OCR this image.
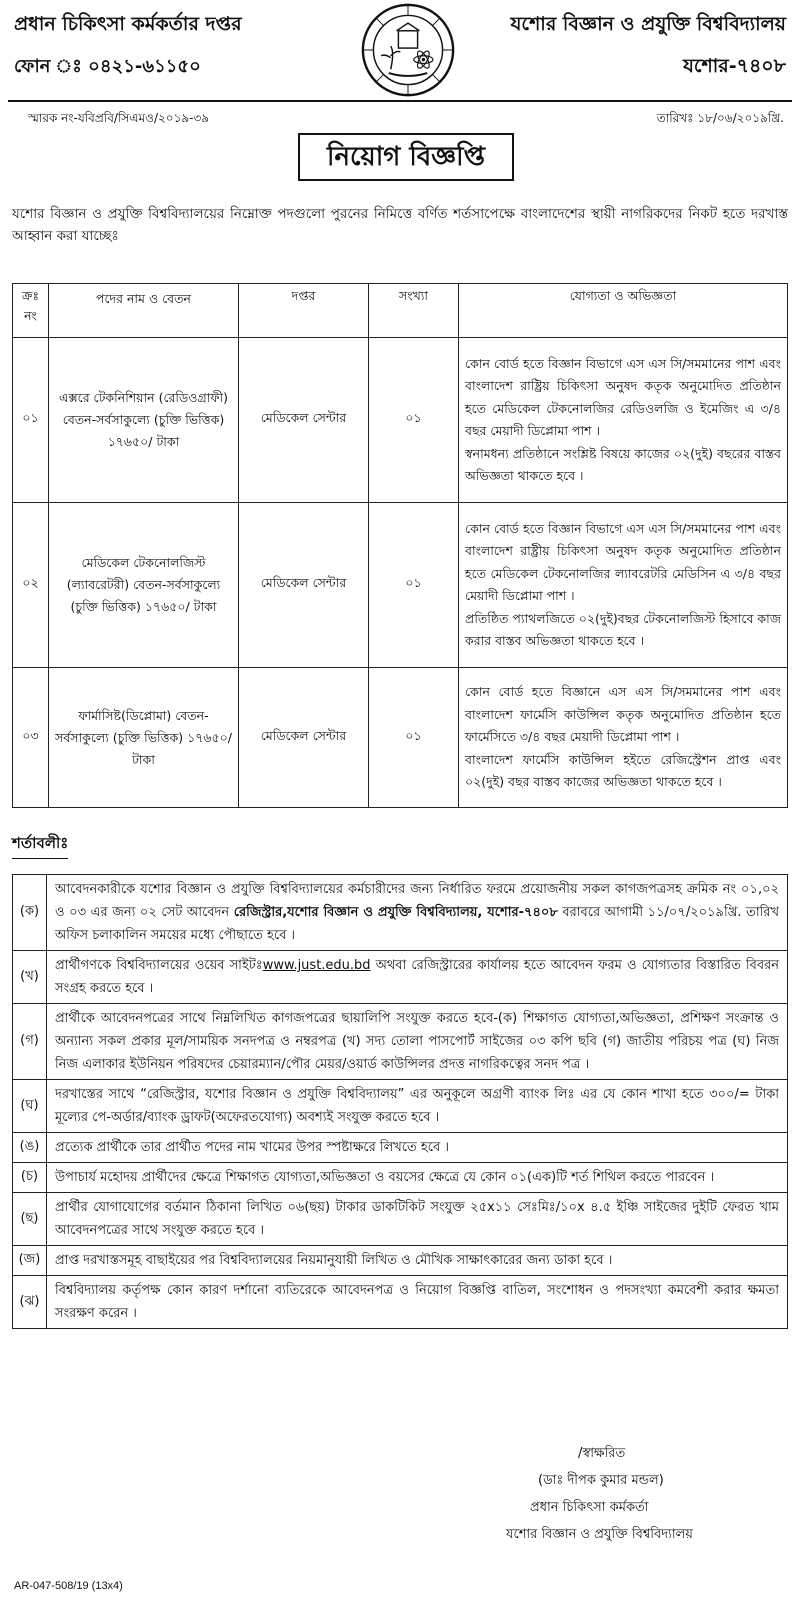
প্রধান চিকিৎসা কর্মকর্তার দপ্তর
ফোন ঃ ০৪২১-৬১১৫০
যশোর বিজ্ঞান ও প্রযুক্তি বিশ্ববিদ্যালয়
যশোর-৭৪০৮
স্মারক নং-যবিপ্রবি/সিএমও/২০১৯-৩৯	তারিখঃ ১৮/০৬/২০১৯খ্রি.
নিয়োগ বিজ্ঞপ্তি
যশোর বিজ্ঞান ও প্রযুক্তি বিশ্ববিদ্যালয়ের নিম্নোক্ত পদগুলো পুরনের নিমিত্তে বর্ণিত শর্তসাপেক্ষে বাংলাদেশের স্থায়ী নাগরিকদের নিকট হতে দরখাস্ত আহ্বান করা যাচ্ছেঃ
ক্রঃ নং	পদের নাম ও বেতন	দপ্তর	সংখ্যা	যোগ্যতা ও অভিজ্ঞতা
০১	এক্সরে টেকনিশিয়ান (রেডিওগ্রাফী) বেতন-সর্বসাকুল্যে (চুক্তি ভিত্তিক) ১৭৬৫০/ টাকা	মেডিকেল সেন্টার	০১	কোন বোর্ড হতে বিজ্ঞান বিভাগে এস এস সি/সমমানের পাশ এবং বাংলাদেশ রাষ্ট্রিয় চিকিৎসা অনুষদ কতৃক অনুমোদিত প্রতিষ্ঠান হতে মেডিকেল টেকনোলজির রেডিওলজি ও ইমেজিং এ ৩/৪ বছর মেয়াদী ডিপ্লোমা পাশ ।
স্বনামধন্য প্রতিষ্ঠানে সংশ্লিষ্ট বিষয়ে কাজের ০২(দুই) বছরের বাস্তব অভিজ্ঞতা থাকতে হবে ।

০২	মেডিকেল টেকনোলজিস্ট (ল্যাবরেটরী) বেতন-সর্বসাকুল্যে (চুক্তি ভিত্তিক) ১৭৬৫০/ টাকা	মেডিকেল সেন্টার	০১	কোন বোর্ড হতে বিজ্ঞান বিভাগে এস এস সি/সমমানের পাশ এবং বাংলাদেশ রাষ্ট্রীয় চিকিৎসা অনুষদ কতৃক অনুমোদিত প্রতিষ্ঠান হতে মেডিকেল টেকনোলজির ল্যাবরেটরি মেডিসিন এ ৩/৪ বছর মেয়াদী ডিপ্লোমা পাশ ।
প্রতিষ্ঠিত প্যাথলজিতে ০২(দুই)বছর টেকনোলজিস্ট হিসাবে কাজ করার বাস্তব অভিজ্ঞতা থাকতে হবে ।

০৩	ফার্মাসিষ্ট(ডিপ্লোমা) বেতন-সর্বসাকুল্যে (চুক্তি ভিত্তিক) ১৭৬৫০/ টাকা	মেডিকেল সেন্টার	০১	কোন বোর্ড হতে বিজ্ঞানে এস এস সি/সমমানের পাশ এবং বাংলাদেশ ফার্মেসি কাউন্সিল কতৃক অনুমোদিত প্রতিষ্ঠান হতে ফার্মেসিতে ৩/৪ বছর মেয়াদী ডিপ্লোমা পাশ ।
বাংলাদেশ ফার্মেসি কাউন্সিল হইতে রেজিস্ট্রেশন প্রাপ্ত এবং ০২(দুই) বছর বাস্তব কাজের অভিজ্ঞতা থাকতে হবে ।
শর্তাবলীঃ
(ক)	আবেদনকারীকে যশোর বিজ্ঞান ও প্রযুক্তি বিশ্ববিদ্যালয়ের কর্মচারীদের জন্য নির্ধারিত ফরমে প্রয়োজনীয় সকল কাগজপত্রসহ ক্রমিক নং ০১,০২ ও ০৩ এর জন্য ০২ সেট আবেদন রেজিস্ট্রার,যশোর বিজ্ঞান ও প্রযুক্তি বিশ্ববিদ্যালয়, যশোর-৭৪০৮ বরাবরে আগামী ১১/০৭/২০১৯খ্রি. তারিখ অফিস চলাকালিন সময়ের মধ্যে পৌছাতে হবে ।
(খ)	প্রার্থীগণকে বিশ্ববিদ্যালয়ের ওয়েব সাইটঃwww.just.edu.bd অথবা রেজিস্ট্রারের কার্যালয় হতে আবেদন ফরম ও যোগ্যতার বিস্তারিত বিবরন সংগ্রহ করতে হবে ।
(গ)	প্রার্থীকে আবেদনপত্রের সাথে নিম্নলিখিত কাগজপত্রের ছায়ালিপি সংযুক্ত করতে হবে-(ক) শিক্ষাগত যোগ্যতা,অভিজ্ঞতা, প্রশিক্ষণ সংক্রান্ত ও অন্যান্য সকল প্রকার মূল/সাময়িক সনদপত্র ও নম্বরপত্র (খ) সদ্য তোলা পাসপোর্ট সাইজের ০৩ কপি ছবি (গ) জাতীয় পরিচয় পত্র (ঘ) নিজ নিজ এলাকার ইউনিয়ন পরিষদের চেয়ারম্যান/পৌর মেয়র/ওয়ার্ড কাউন্সিলর প্রদত্ত নাগরিকত্বের সনদ পত্র ।
(ঘ)	দরখাস্তের সাথে “রেজিস্ট্রার, যশোর বিজ্ঞান ও প্রযুক্তি বিশ্ববিদ্যালয়” এর অনুকূলে অগ্রণী ব্যাংক লিঃ এর যে কোন শাখা হতে ৩০০/= টাকা মূল্যের পে-অর্ডার/ব্যাংক ড্রাফট(অফেরতযোগ্য) অবশ্যই সংযুক্ত করতে হবে ।
(ঙ)	প্রত্যেক প্রার্থীকে তার প্রার্থীত পদের নাম খামের উপর স্পষ্টাক্ষরে লিখতে হবে ।
(চ)	উপাচার্য মহোদয় প্রার্থীদের ক্ষেত্রে শিক্ষাগত যোগ্যতা,অভিজ্ঞতা ও বয়সের ক্ষেত্রে যে কোন ০১(এক)টি শর্ত শিথিল করতে পারবেন ।
(ছ)	প্রার্থীর যোগাযোগের বর্তমান ঠিকানা লিখিত ০৬(ছয়) টাকার ডাকটিকিট সংযুক্ত ২৫x১১ সেঃমিঃ/১০x ৪.৫ ইঞ্চি সাইজের দুইটি ফেরত খাম আবেদনপত্রের সাথে সংযুক্ত করতে হবে ।
(জ)	প্রাপ্ত দরখাস্তসমূহ বাছাইয়ের পর বিশ্ববিদ্যালয়ের নিয়মানুযায়ী লিখিত ও মৌখিক সাক্ষাৎকারের জন্য ডাকা হবে ।
(ঝ)	বিশ্ববিদ্যালয় কর্তৃপক্ষ কোন কারণ দর্শানো ব্যতিরেকে আবেদনপত্র ও নিয়োগ বিজ্ঞপ্তি বাতিল, সংশোধন ও পদসংখ্যা কমবেশী করার ক্ষমতা সংরক্ষণ করেন ।
/স্বাক্ষরিত
(ডাঃ দীপক কুমার মন্ডল)
প্রধান চিকিৎসা কর্মকর্তা
যশোর বিজ্ঞান ও প্রযুক্তি বিশ্ববিদ্যালয়
AR-047-508/19 (13x4)
